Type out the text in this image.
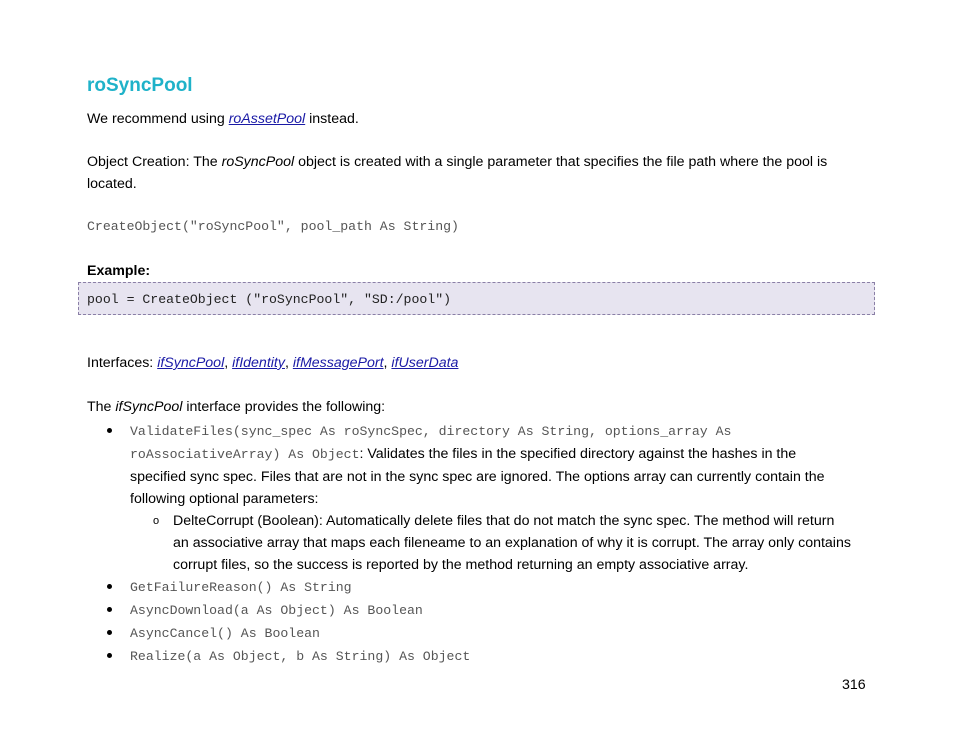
roSyncPool
We recommend using roAssetPool instead.
Object Creation: The roSyncPool object is created with a single parameter that specifies the file path where the pool is
located.
CreateObject("roSyncPool", pool_path As String)
Example:
pool = CreateObject ("roSyncPool", "SD:/pool")
Interfaces: ifSyncPool, ifIdentity, ifMessagePort, ifUserData
The ifSyncPool interface provides the following:
ValidateFiles(sync_spec As roSyncSpec, directory As String, options_array As
roAssociativeArray) As Object: Validates the files in the specified directory against the hashes in the
specified sync spec. Files that are not in the sync spec are ignored. The options array can currently contain the
following optional parameters:
o DelteCorrupt (Boolean): Automatically delete files that do not match the sync spec. The method will return
an associative array that maps each fileneame to an explanation of why it is corrupt. The array only contains
corrupt files, so the success is reported by the method returning an empty associative array.
GetFailureReason() As String
AsyncDownload(a As Object) As Boolean
AsyncCancel() As Boolean
Realize(a As Object, b As String) As Object
316
